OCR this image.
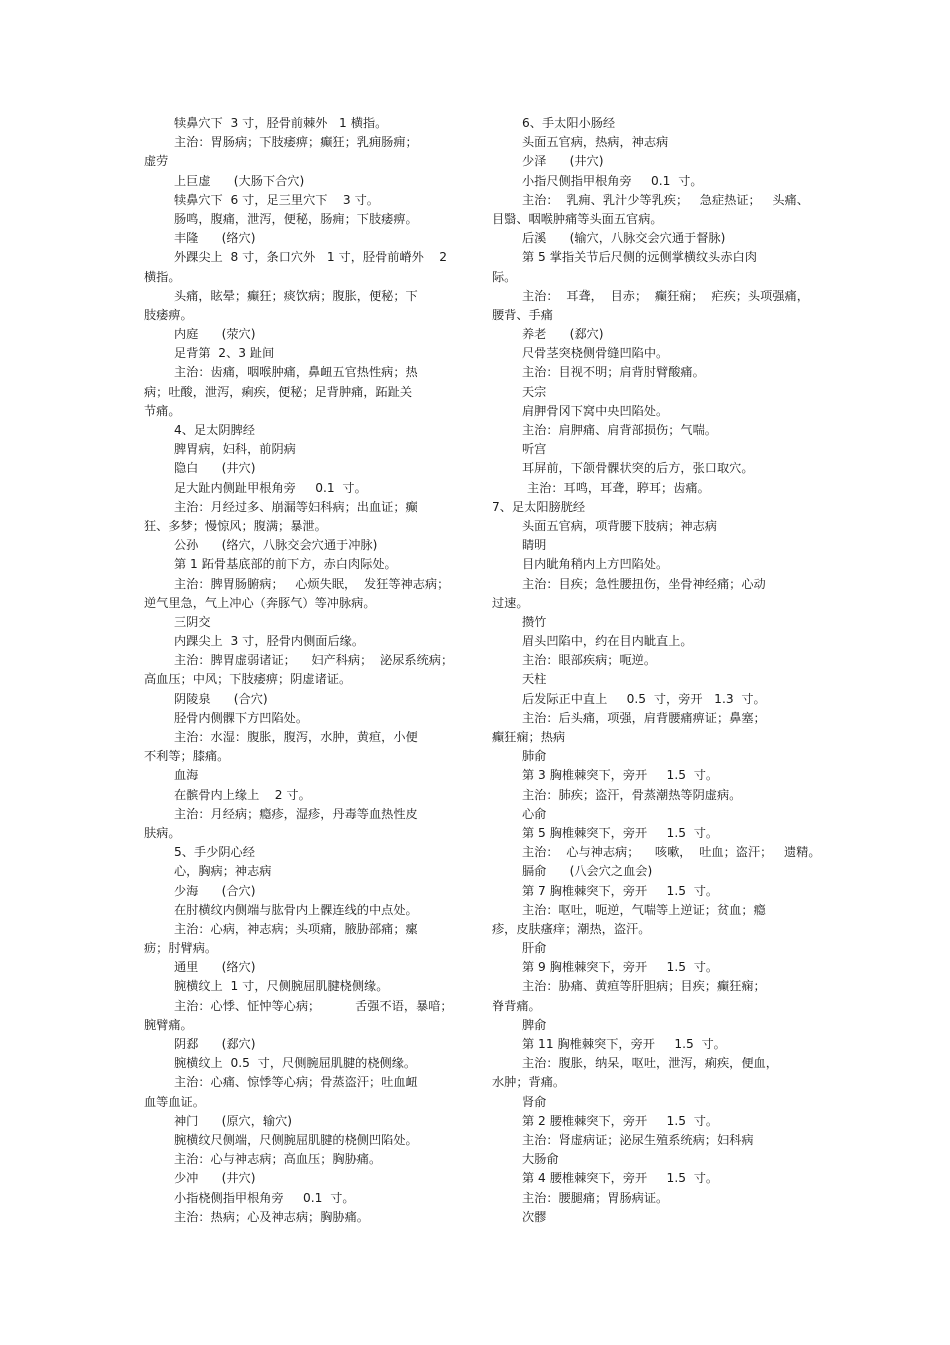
犊鼻穴下  3 寸，胫骨前棘外   1 横指。
主治：胃肠病；下肢痿痹；癫狂；乳痈肠痈；
虚劳
上巨虚      (大肠下合穴)
犊鼻穴下  6 寸，足三里穴下    3 寸。
肠鸣，腹痛，泄泻，便秘，肠痈；下肢痿痹。
丰隆      (络穴)
外踝尖上  8 寸，条口穴外   1 寸，胫骨前嵴外    2
横指。
头痛，眩晕；癫狂；痰饮病；腹胀，便秘；下
肢痿痹。
内庭      (荥穴)
足背第  2、3 趾间
主治：齿痛，咽喉肿痛，鼻衄五官热性病；热
病；吐酸，泄泻，痢疾，便秘；足背肿痛，跖趾关
节痛。
4、足太阴脾经
脾胃病，妇科，前阴病
隐白      (井穴)
足大趾内侧趾甲根角旁     0.1  寸。
主治：月经过多、崩漏等妇科病；出血证；癫
狂、多梦；慢惊风；腹满；暴泄。
公孙      (络穴，八脉交会穴通于冲脉)
第 1 跖骨基底部的前下方，赤白肉际处。
主治：脾胃肠腑病；   心烦失眠，  发狂等神志病；
逆气里急，气上冲心（奔豚气）等冲脉病。
三阴交
内踝尖上  3 寸，胫骨内侧面后缘。
主治：脾胃虚弱诸证；    妇产科病；  泌尿系统病；
高血压；中风；下肢痿痹；阴虚诸证。
阴陵泉      (合穴)
胫骨内侧髁下方凹陷处。
主治：水湿：腹胀，腹泻，水肿，黄疸，小便
不利等；膝痛。
血海
在髌骨内上缘上    2 寸。
主治：月经病；瘾疹，湿疹，丹毒等血热性皮
肤病。
5、手少阴心经
心，胸病；神志病
少海      (合穴)
在肘横纹内侧端与肱骨内上髁连线的中点处。
主治：心病，神志病；头项痛，腋胁部痛；瘰
疬；肘臂病。
通里      (络穴)
腕横纹上  1 寸，尺侧腕屈肌腱桡侧缘。
主治：心悸、怔忡等心病；         舌强不语，暴喑；
腕臂痛。
阴郄      (郄穴)
腕横纹上  0.5  寸，尺侧腕屈肌腱的桡侧缘。
主治：心痛、惊悸等心病；骨蒸盗汗；吐血衄
血等血证。
神门      (原穴，输穴)
腕横纹尺侧端，尺侧腕屈肌腱的桡侧凹陷处。
主治：心与神志病；高血压；胸胁痛。
少冲      (井穴)
小指桡侧指甲根角旁     0.1  寸。
主治：热病；心及神志病；胸胁痛。
6、手太阳小肠经
头面五官病，热病，神志病
少泽      (井穴)
小指尺侧指甲根角旁     0.1  寸。
主治：  乳痈、乳汁少等乳疾；   急症热证；   头痛、
目翳、咽喉肿痛等头面五官病。
后溪      (输穴，八脉交会穴通于督脉)
第 5 掌指关节后尺侧的远侧掌横纹头赤白肉
际。
主治：  耳聋，  目赤；  癫狂痫；  疟疾；头项强痛，
腰背、手痛
养老      (郄穴)
尺骨茎突桡侧骨缝凹陷中。
主治：目视不明；肩背肘臂酸痛。
天宗
肩胛骨冈下窝中央凹陷处。
主治：肩胛痛、肩背部损伤；气喘。
听宫
耳屏前，下颌骨髁状突的后方，张口取穴。
主治：耳鸣，耳聋，聤耳；齿痛。
7、足太阳膀胱经
头面五官病，项背腰下肢病；神志病
睛明
目内眦角稍内上方凹陷处。
主治：目疾；急性腰扭伤，坐骨神经痛；心动
过速。
攒竹
眉头凹陷中，约在目内眦直上。
主治：眼部疾病；呃逆。
天柱
后发际正中直上     0.5  寸，旁开   1.3  寸。
主治：后头痛，项强，肩背腰痛痹证；鼻塞；
癫狂痫；热病
肺俞
第 3 胸椎棘突下，旁开     1.5  寸。
主治：肺疾；盗汗，骨蒸潮热等阴虚病。
心俞
第 5 胸椎棘突下，旁开     1.5  寸。
主治：  心与神志病；    咳嗽，  吐血；盗汗；   遗精。
膈俞      (八会穴之血会)
第 7 胸椎棘突下，旁开     1.5  寸。
主治：呕吐，呃逆，气喘等上逆证；贫血；瘾
疹，皮肤瘙痒；潮热，盗汗。
肝俞
第 9 胸椎棘突下，旁开     1.5  寸。
主治：胁痛、黄疸等肝胆病；目疾；癫狂痫；
脊背痛。
脾俞
第 11 胸椎棘突下，旁开     1.5  寸。
主治：腹胀，纳呆，呕吐，泄泻，痢疾，便血，
水肿；背痛。
肾俞
第 2 腰椎棘突下，旁开     1.5  寸。
主治：肾虚病证；泌尿生殖系统病；妇科病
大肠俞
第 4 腰椎棘突下，旁开     1.5  寸。
主治：腰腿痛；胃肠病证。
次髎
